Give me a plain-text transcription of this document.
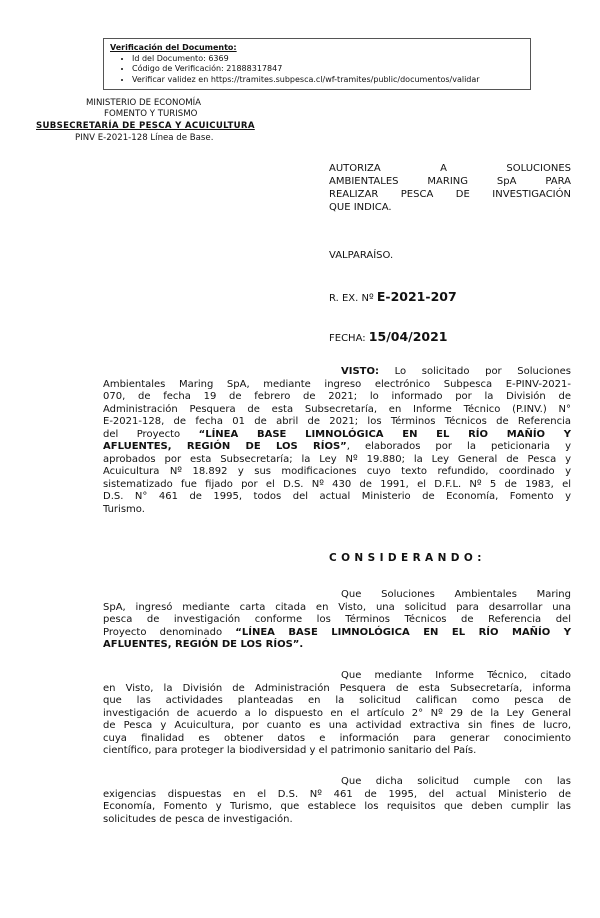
Verificación del Documento:
• Id del Documento: 6369
• Código de Verificación: 21888317847
• Verificar validez en https://tramites.subpesca.cl/wf-tramites/public/documentos/validar
MINISTERIO DE ECONOMÍA
FOMENTO Y TURISMO
SUBSECRETARÍA DE PESCA Y ACUICULTURA
PINV E-2021-128 Línea de Base.
AUTORIZA A SOLUCIONES
AMBIENTALES MARING SpA PARA
REALIZAR PESCA DE INVESTIGACIÓN
QUE INDICA.
VALPARAÍSO.
R. EX. Nº E-2021-207
FECHA: 15/04/2021
VISTO: Lo solicitado por Soluciones
Ambientales Maring SpA, mediante ingreso electrónico Subpesca E-PINV-2021-
070, de fecha 19 de febrero de 2021; lo informado por la División de
Administración Pesquera de esta Subsecretaría, en Informe Técnico (P.INV.) N°
E-2021-128, de fecha 01 de abril de 2021; los Términos Técnicos de Referencia
del Proyecto “LÍNEA BASE LIMNOLÓGICA EN EL RÍO MAÑÍO Y
AFLUENTES, REGIÓN DE LOS RÍOS”, elaborados por la peticionaria y
aprobados por esta Subsecretaría; la Ley Nº 19.880; la Ley General de Pesca y
Acuicultura Nº 18.892 y sus modificaciones cuyo texto refundido, coordinado y
sistematizado fue fijado por el D.S. Nº 430 de 1991, el D.F.L. Nº 5 de 1983, el
D.S. N° 461 de 1995, todos del actual Ministerio de Economía, Fomento y
Turismo.
CONSIDERANDO:
Que Soluciones Ambientales Maring
SpA, ingresó mediante carta citada en Visto, una solicitud para desarrollar una
pesca de investigación conforme los Términos Técnicos de Referencia del
Proyecto denominado “LÍNEA BASE LIMNOLÓGICA EN EL RÍO MAÑÍO Y
AFLUENTES, REGIÓN DE LOS RÍOS”.
Que mediante Informe Técnico, citado
en Visto, la División de Administración Pesquera de esta Subsecretaría, informa
que las actividades planteadas en la solicitud califican como pesca de
investigación de acuerdo a lo dispuesto en el artículo 2° Nº 29 de la Ley General
de Pesca y Acuicultura, por cuanto es una actividad extractiva sin fines de lucro,
cuya finalidad es obtener datos e información para generar conocimiento
científico, para proteger la biodiversidad y el patrimonio sanitario del País.
Que dicha solicitud cumple con las
exigencias dispuestas en el D.S. Nº 461 de 1995, del actual Ministerio de
Economía, Fomento y Turismo, que establece los requisitos que deben cumplir las
solicitudes de pesca de investigación.
